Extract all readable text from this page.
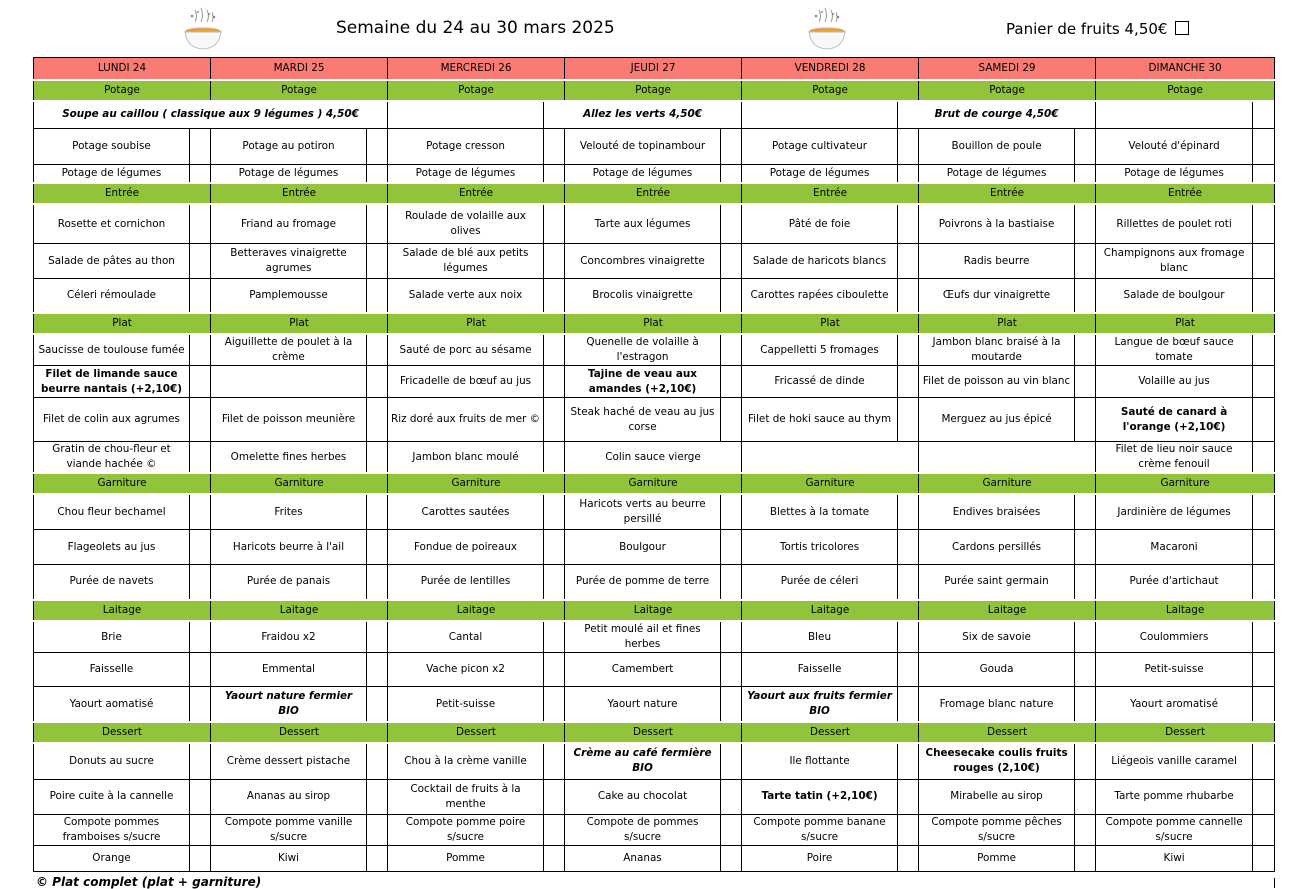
Semaine du 24 au 30 mars 2025	Panier de fruits 4,50€
LUNDI 24		MARDI 25		MERCREDI 26		JEUDI 27		VENDREDI 28		SAMEDI 29		DIMANCHE 30		
Potage		Potage		Potage		Potage		Potage		Potage		Potage		
Soupe au caillou ( classique aux 9 légumes ) 4,50€					Allez les verts 4,50€				Brut de courge 4,50€					
Potage soubise		Potage au potiron		Potage cresson		Velouté de topinambour		Potage cultivateur		Bouillon de poule		Velouté d'épinard		
Potage de légumes		Potage de légumes		Potage de légumes		Potage de légumes		Potage de légumes		Potage de légumes		Potage de légumes		
Entrée		Entrée		Entrée		Entrée		Entrée		Entrée		Entrée		
Rosette et cornichon		Friand au fromage		Roulade de volaille aux olives		Tarte aux légumes		Pâté de foie		Poivrons à la bastiaise		Rillettes de poulet roti		
Salade de pâtes au thon		Betteraves vinaigrette agrumes		Salade de blé aux petits légumes		Concombres vinaigrette		Salade de haricots blancs		Radis beurre		Champignons aux fromage blanc		
Céleri rémoulade		Pamplemousse		Salade verte aux noix		Brocolis vinaigrette		Carottes rapées ciboulette		Œufs dur vinaigrette		Salade de boulgour		
Plat		Plat		Plat		Plat		Plat		Plat		Plat		
Saucisse de toulouse fumée		Aiguillette de poulet à la crème		Sauté de porc au sésame		Quenelle de volaille à l'estragon		Cappelletti 5 fromages		Jambon blanc braisé à la moutarde		Langue de bœuf sauce tomate		
Filet de limande sauce beurre nantais (+2,10€)				Fricadelle de bœuf au jus		Tajine de veau aux amandes (+2,10€)		Fricassé de dinde		Filet de poisson au vin blanc		Volaille au jus		
Filet de colin aux agrumes		Filet de poisson meunière		Riz doré aux fruits de mer ©		Steak haché de veau au jus corse		Filet de hoki sauce au thym		Merguez au jus épicé		Sauté de canard à l'orange (+2,10€)		
Gratin de chou-fleur et viande hachée ©		Omelette fines herbes		Jambon blanc moulé		Colin sauce vierge						Filet de lieu noir sauce crème fenouil		
Garniture		Garniture		Garniture		Garniture		Garniture		Garniture		Garniture		
Chou fleur bechamel		Frites		Carottes sautées		Haricots verts au beurre persillé		Blettes à la tomate		Endives braisées		Jardinière de légumes		
Flageolets au jus		Haricots beurre à l'ail		Fondue de poireaux		Boulgour		Tortis tricolores		Cardons persillés		Macaroni		
Purée de navets		Purée de panais		Purée de lentilles		Purée de pomme de terre		Purée de céleri		Purée saint germain		Purée d'artichaut		
Laitage		Laitage		Laitage		Laitage		Laitage		Laitage		Laitage		
Brie		Fraidou x2		Cantal		Petit moulé ail et fines herbes		Bleu		Six de savoie		Coulommiers		
Faisselle		Emmental		Vache picon x2		Camembert		Faisselle		Gouda		Petit-suisse		
Yaourt aomatisé		Yaourt nature fermier BIO		Petit-suisse		Yaourt nature		Yaourt aux fruits fermier BIO		Fromage blanc nature		Yaourt aromatisé		
Dessert		Dessert		Dessert		Dessert		Dessert		Dessert		Dessert		
Donuts au sucre		Crème dessert pistache		Chou à la crème vanille		Crème au café fermière BIO		Ile flottante		Cheesecake coulis fruits rouges (2,10€)		Liégeois vanille caramel		
Poire cuite à la cannelle		Ananas au sirop		Cocktail de fruits à la menthe		Cake au chocolat		Tarte tatin (+2,10€)		Mirabelle au sirop		Tarte pomme rhubarbe		
Compote pommes framboises s/sucre		Compote pomme vanille s/sucre		Compote pomme poire s/sucre		Compote de pommes s/sucre		Compote pomme banane s/sucre		Compote pomme pêches s/sucre		Compote pomme cannelle s/sucre		
Orange		Kiwi		Pomme		Ananas		Poire		Pomme		Kiwi		
© Plat complet (plat + garniture)
